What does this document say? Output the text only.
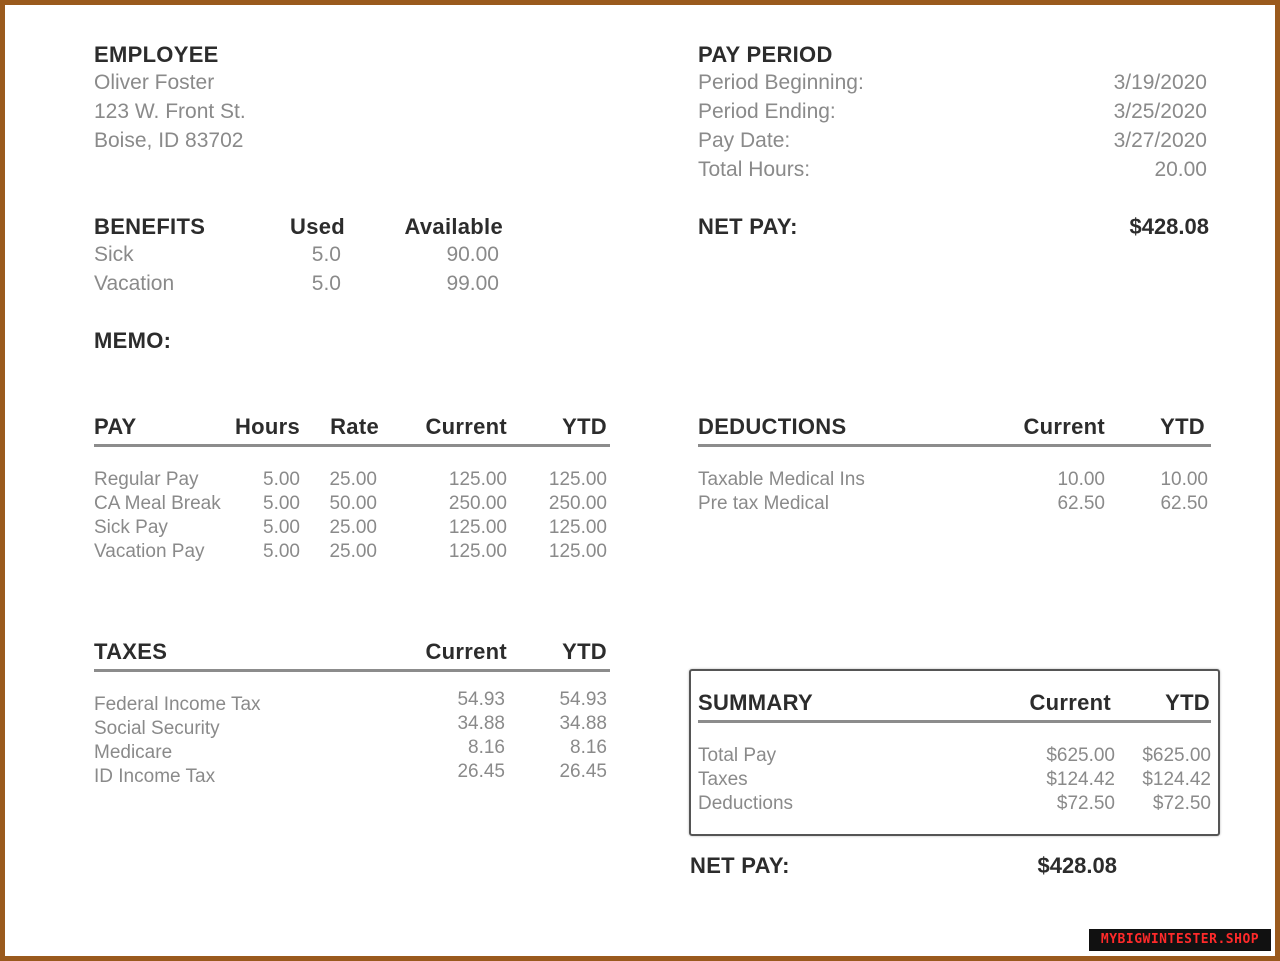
EMPLOYEE
Oliver Foster
123 W. Front St.
Boise, ID 83702
PAY PERIOD
Period Beginning:	3/19/2020
Period Ending:	3/25/2020
Pay Date:	3/27/2020
Total Hours:	20.00
NET PAY:	$428.08
BENEFITS	Used	Available
Sick	5.0	90.00
Vacation	5.0	99.00
MEMO:
PAY	Hours	Rate	Current	YTD
Regular Pay	5.00	25.00	125.00	125.00
CA Meal Break	5.00	50.00	250.00	250.00
Sick Pay	5.00	25.00	125.00	125.00
Vacation Pay	5.00	25.00	125.00	125.00
DEDUCTIONS	Current	YTD
Taxable Medical Ins	10.00	10.00
Pre tax Medical	62.50	62.50
TAXES	Current	YTD
Federal Income Tax	54.93	54.93
Social Security	34.88	34.88
Medicare	8.16	8.16
ID Income Tax	26.45	26.45
SUMMARY	Current	YTD
Total Pay	$625.00	$625.00
Taxes	$124.42	$124.42
Deductions	$72.50	$72.50
NET PAY:	$428.08
MYBIGWINTESTER.SHOP
